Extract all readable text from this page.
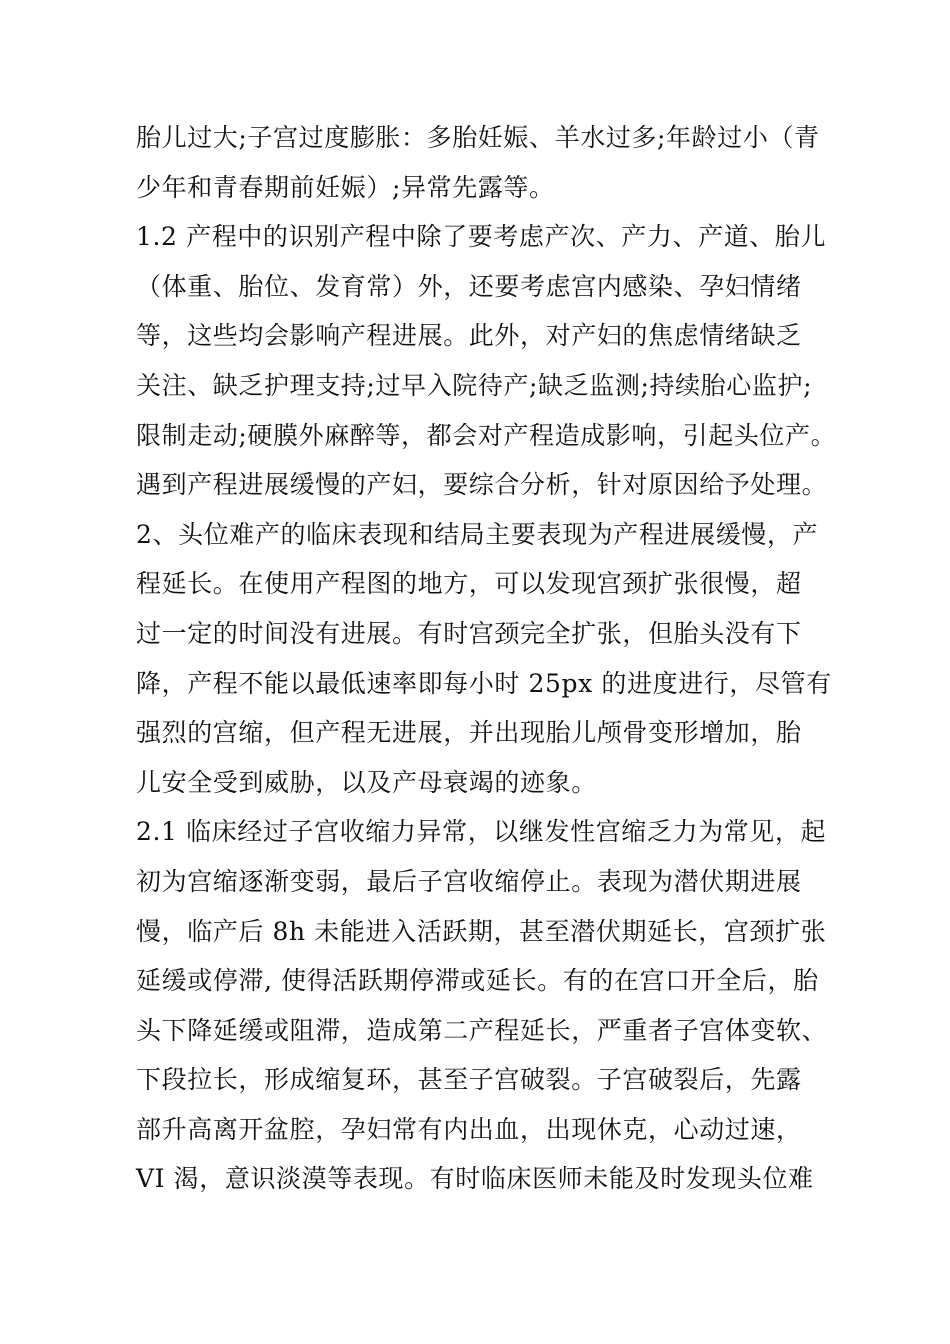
胎儿过大;子宫过度膨胀：多胎妊娠、羊水过多;年龄过小（青
少年和青春期前妊娠）;异常先露等。
1.2 产程中的识别产程中除了要考虑产次、产力、产道、胎儿
（体重、胎位、发育常）外，还要考虑宫内感染、孕妇情绪
等，这些均会影响产程进展。此外，对产妇的焦虑情绪缺乏
关注、缺乏护理支持;过早入院待产;缺乏监测;持续胎心监护;
限制走动;硬膜外麻醉等，都会对产程造成影响，引起头位产。
遇到产程进展缓慢的产妇，要综合分析，针对原因给予处理。
2、头位难产的临床表现和结局主要表现为产程进展缓慢，产
程延长。在使用产程图的地方，可以发现宫颈扩张很慢，超
过一定的时间没有进展。有时宫颈完全扩张，但胎头没有下
降，产程不能以最低速率即每小时 25px 的进度进行，尽管有
强烈的宫缩，但产程无进展，并出现胎儿颅骨变形增加，胎
儿安全受到威胁，以及产母衰竭的迹象。
2.1 临床经过子宫收缩力异常，以继发性宫缩乏力为常见，起
初为宫缩逐渐变弱，最后子宫收缩停止。表现为潜伏期进展
慢，临产后 8h 未能进入活跃期，甚至潜伏期延长，宫颈扩张
延缓或停滞, 使得活跃期停滞或延长。有的在宫口开全后，胎
头下降延缓或阻滞，造成第二产程延长，严重者子宫体变软、
下段拉长，形成缩复环，甚至子宫破裂。子宫破裂后，先露
部升高离开盆腔，孕妇常有内出血，出现休克，心动过速，
VI 渴，意识淡漠等表现。有时临床医师未能及时发现头位难
